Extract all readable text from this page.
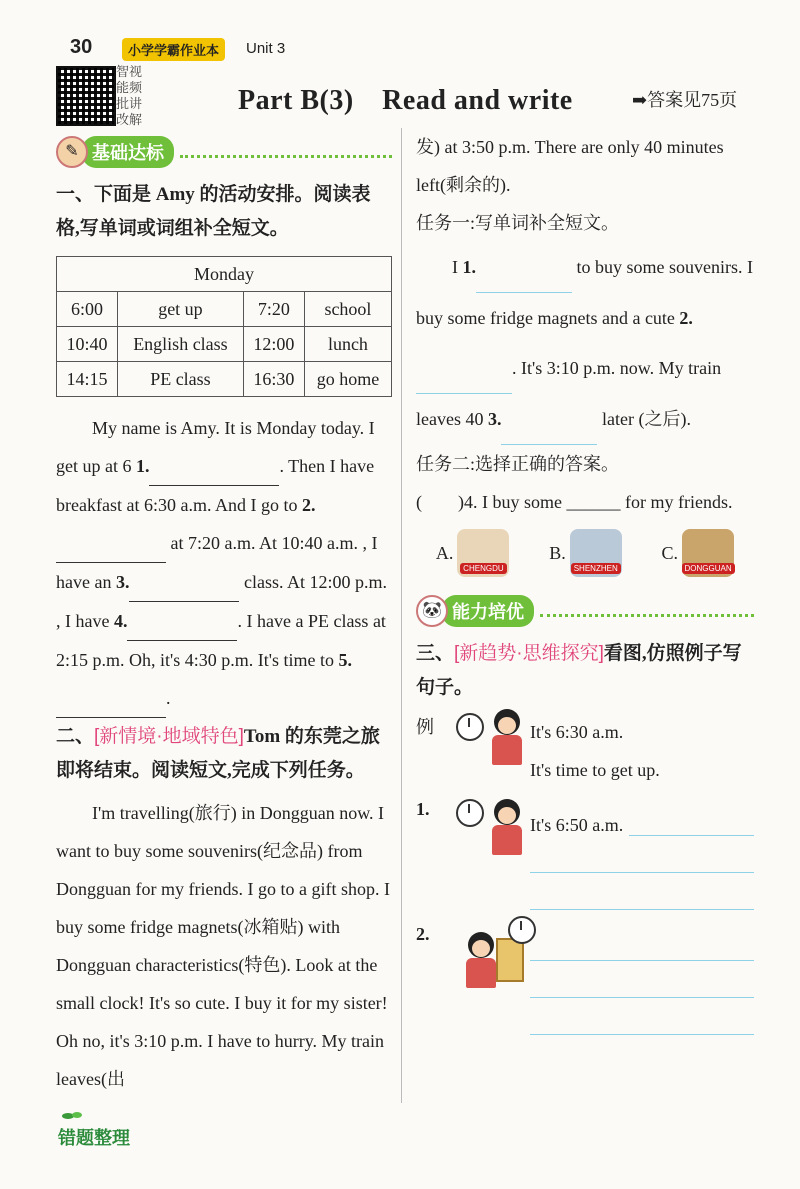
30	小学学霸作业本	Unit 3
智视 能频 批讲 改解
Part B(3)　Read and write	➡答案见75页
✎ 基础达标
一、下面是 Amy 的活动安排。阅读表格,写单词或词组补全短文。
Monday			
6:00	get up	7:20	school
10:40	English class	12:00	lunch
14:15	PE class	16:30	go home
My name is Amy. It is Monday today. I get up at 6 1.	. Then I have breakfast at 6:30 a.m. And I go to 2.  at 7:20 a.m. At 10:40 a.m. , I have an 3.	class. At 12:00 p.m. , I have 4.	. I have a PE class at 2:15 p.m. Oh, it's 4:30 p.m. It's time to 5. .
二、[新情境·地域特色]Tom 的东莞之旅即将结束。阅读短文,完成下列任务。
I'm travelling(旅行) in Dongguan now. I want to buy some souvenirs(纪念品) from Dongguan for my friends. I go to a gift shop. I buy some fridge magnets(冰箱贴) with Dongguan characteristics(特色). Look at the small clock! It's so cute. I buy it for my sister! Oh no, it's 3:10 p.m. I have to hurry. My train leaves(出
发) at 3:50 p.m. There are only 40 minutes left(剩余的).
任务一:写单词补全短文。
I 1.	to buy some souvenirs. I buy some fridge magnets and a cute 2. . It's 3:10 p.m. now. My train leaves 40 3.	later (之后).
任务二:选择正确的答案。
(　　)4. I buy some ______ for my friends.
A.
CHENGDU
B.
SHENZHEN
C.
DONGGUAN
🐼 能力培优
三、[新趋势·思维探究]看图,仿照例子写句子。
例	It's 6:30 a.m.
It's time to get up.
1.
It's 6:50 a.m.
2.
错题整理
